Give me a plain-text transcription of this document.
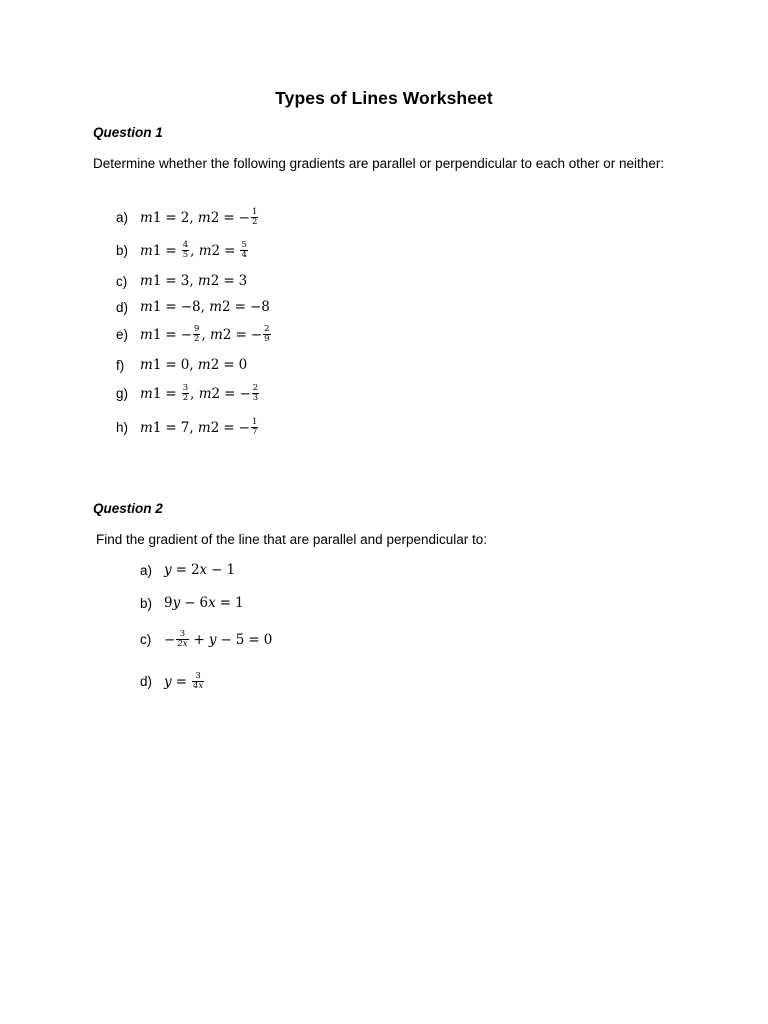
Types of Lines Worksheet
Question 1
Determine whether the following gradients are parallel or perpendicular to each other or neither:
a) m 1 = 2 , m 2 = − $\frac{1}{2}$
b) m $1 = \frac{4}{5}$ , m $2 = \frac{5}{4}$
c) m 1 = 3 , m 2 = 3
d) m 1 = −8 , m 2 = −8
e) m 1 = − $\frac{9}{2}$ , m 2 = − $\frac{2}{9}$
f)	m 1 = 0 , m 2 = 0
g) m $1 = \frac{3}{2}$ , m 2 = − $\frac{2}{3}$
h) m 1 = 7 , m 2 = − $\frac{1}{7}$
Question 2
Find the gradient of the line that are parallel and perpendicular to:
a) y = 2 x − 1
b) 9 y − 6 x = 1
$c) - \frac{3}{2x} + y - 5 = 0$
d) $y = \frac{3}{4x}$
